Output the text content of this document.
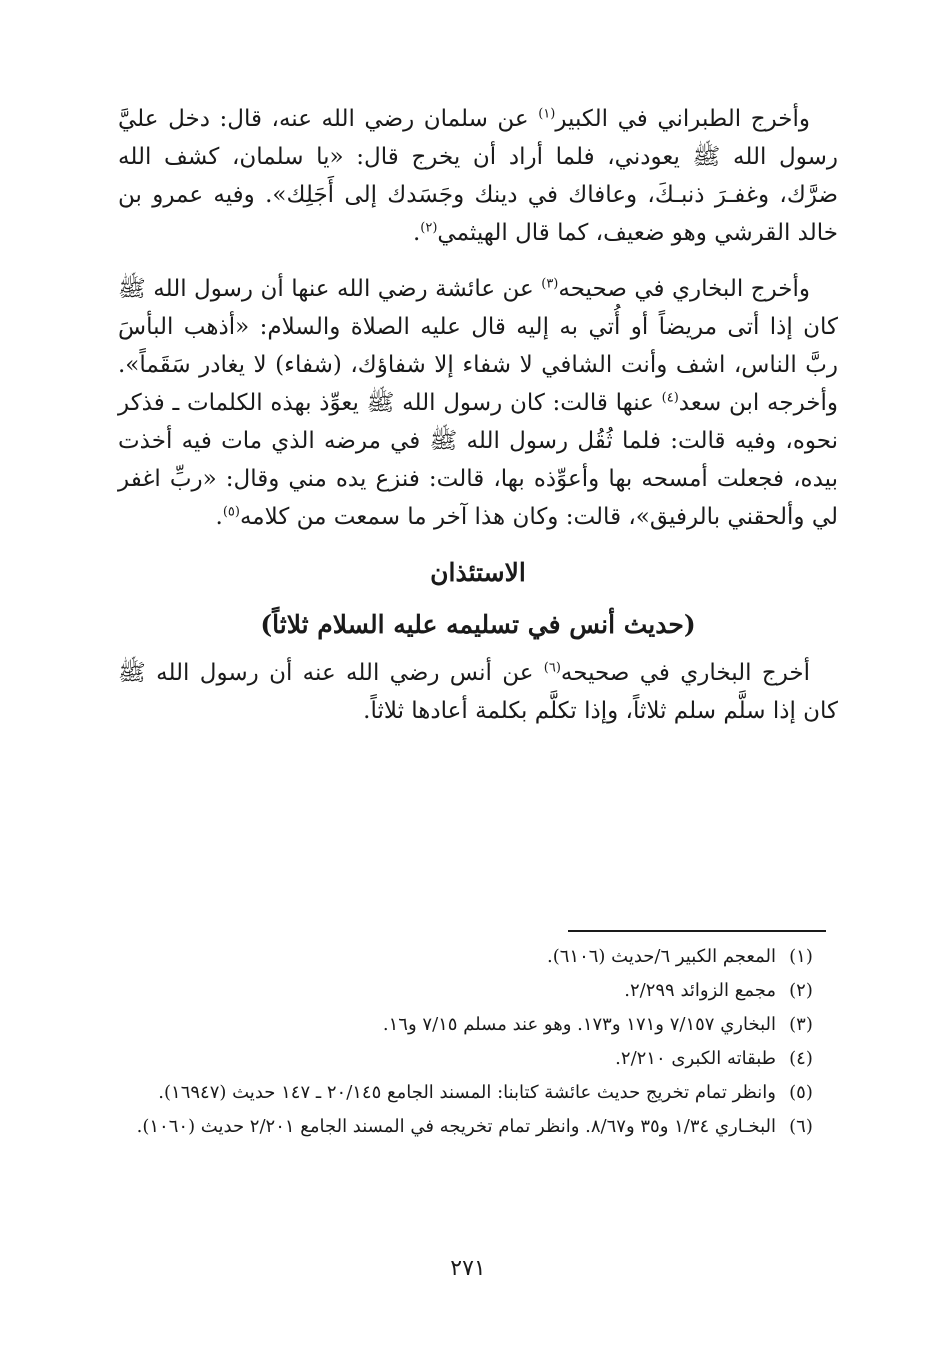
وأخرج الطبراني في الكبير$^{(١)}$ عن سلمان رضي الله عنه، قال: دخل عليَّ رسول الله ﷺ يعودني، فلما أراد أن يخرج قال: «يا سلمان، كشف الله ضرَّك، وغفـرَ ذنبـكَ، وعافاك في دينك وجَسَدك إلى أَجَلِك». وفيه عمرو بن خالد القرشي وهو ضعيف، كما قال الهيثمي$^{(٢)}$.

وأخرج البخاري في صحيحه$^{(٣)}$ عن عائشة رضي الله عنها أن رسول الله ﷺ كان إذا أتى مريضاً أو أُتي به إليه قال عليه الصلاة والسلام: «أذهب البأسَ ربَّ الناس، اشف وأنت الشافي لا شفاء إلا شفاؤك، (شفاء) لا يغادر سَقَماً». وأخرجه ابن سعد$^{(٤)}$ عنها قالت: كان رسول الله ﷺ يعوِّذ بهذه الكلمات ـ فذكر نحوه، وفيه قالت: فلما ثُقُل رسول الله ﷺ في مرضه الذي مات فيه أخذت بيده، فجعلت أمسحه بها وأعوِّذه بها، قالت: فنزع يده مني وقال: «ربِّ اغفر لي وألحقني بالرفيق»، قالت: وكان هذا آخر ما سمعت من كلامه$^{(٥)}$.

الاستئذان
(حديث أنس في تسليمه عليه السلام ثلاثاً)

أخرج البخاري في صحيحه$^{(٦)}$ عن أنس رضي الله عنه أن رسول الله ﷺ كان إذا سلَّم سلم ثلاثاً، وإذا تكلَّم بكلمة أعادها ثلاثاً.

(١)
المعجم الكبير ٦/حديث (٦١٠٦).
(٢)
مجمع الزوائد ٢/٢٩٩.
(٣)
البخاري ٧/١٥٧ و١٧١ و١٧٣. وهو عند مسلم ٧/١٥ و١٦.
(٤)
طبقاته الكبرى ٢/٢١٠.
(٥)
وانظر تمام تخريج حديث عائشة كتابنا: المسند الجامع ٢٠/١٤٥ ـ ١٤٧ حديث (١٦٩٤٧).
(٦)
البخـاري ١/٣٤ و٣٥ و٨/٦٧. وانظر تمام تخريجه في المسند الجامع ٢/٢٠١ حديث (١٠٦٠).
٢٧١
